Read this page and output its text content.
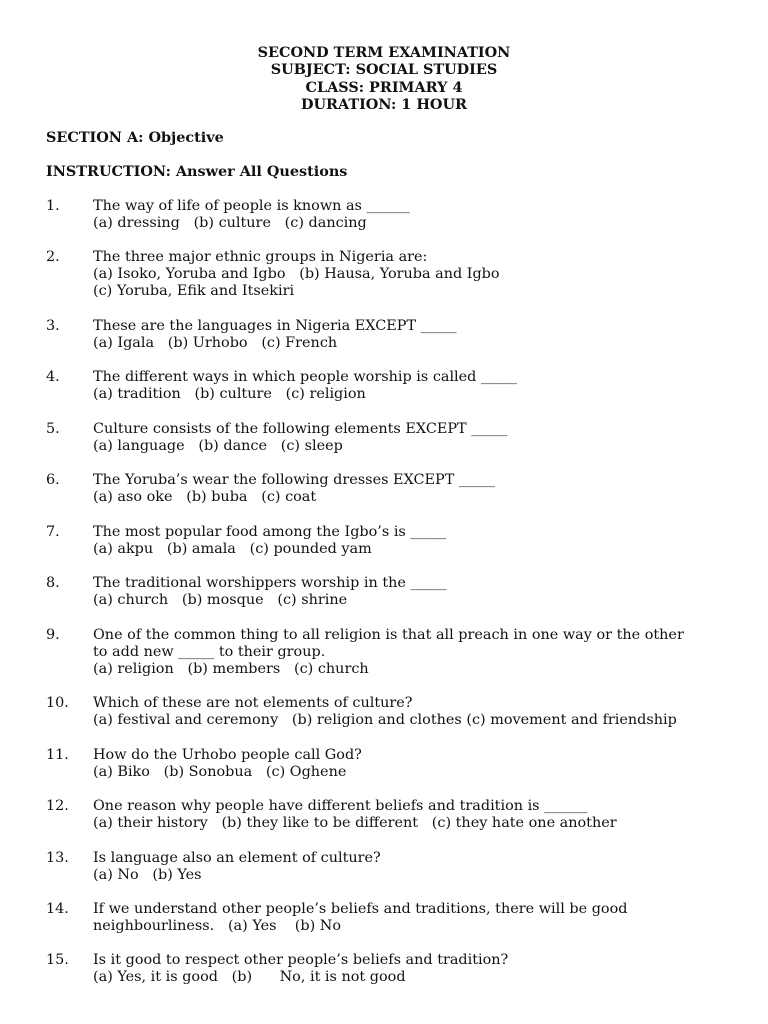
SECOND TERM EXAMINATION
SUBJECT: SOCIAL STUDIES
CLASS: PRIMARY 4
DURATION: 1 HOUR
SECTION A: Objective
INSTRUCTION: Answer All Questions
1. The way of life of people is known as ______
(a) dressing   (b) culture   (c) dancing
2. The three major ethnic groups in Nigeria are:
(a) Isoko, Yoruba and Igbo   (b) Hausa, Yoruba and Igbo
(c) Yoruba, Efik and Itsekiri
3. These are the languages in Nigeria EXCEPT _____
(a) Igala   (b) Urhobo   (c) French
4. The different ways in which people worship is called _____
(a) tradition   (b) culture   (c) religion
5. Culture consists of the following elements EXCEPT _____
(a) language   (b) dance   (c) sleep
6. The Yoruba’s wear the following dresses EXCEPT _____
(a) aso oke   (b) buba   (c) coat
7. The most popular food among the Igbo’s is _____
(a) akpu   (b) amala   (c) pounded yam
8. The traditional worshippers worship in the _____
(a) church   (b) mosque   (c) shrine
9. One of the common thing to all religion is that all preach in one way or the other
to add new _____ to their group.
(a) religion   (b) members   (c) church
10. Which of these are not elements of culture?
(a) festival and ceremony   (b) religion and clothes (c) movement and friendship
11. How do the Urhobo people call God?
(a) Biko   (b) Sonobua   (c) Oghene
12. One reason why people have different beliefs and tradition is ______
(a) their history   (b) they like to be different   (c) they hate one another
13. Is language also an element of culture?
(a) No   (b) Yes
14. If we understand other people’s beliefs and traditions, there will be good
neighbourliness.   (a) Yes    (b) No
15. Is it good to respect other people’s beliefs and tradition?
(a) Yes, it is good   (b)      No, it is not good
